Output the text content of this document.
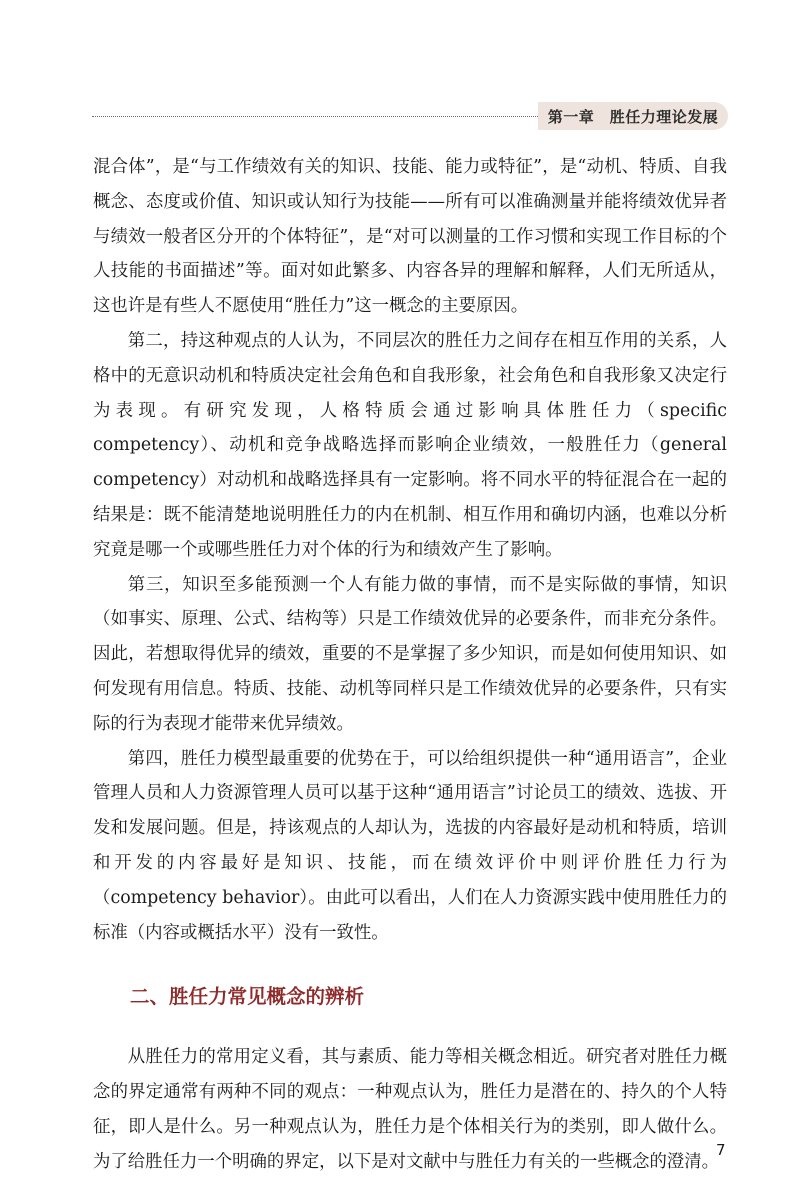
第一章　胜任力理论发展

混合体”，是“与工作绩效有关的知识、技能、能力或特征”，是“动机、特质、自我概念、态度或价值、知识或认知行为技能——所有可以准确测量并能将绩效优异者与绩效一般者区分开的个体特征”，是“对可以测量的工作习惯和实现工作目标的个人技能的书面描述”等。面对如此繁多、内容各异的理解和解释，人们无所适从，这也许是有些人不愿使用“胜任力”这一概念的主要原因。

第二，持这种观点的人认为，不同层次的胜任力之间存在相互作用的关系，人格中的无意识动机和特质决定社会角色和自我形象，社会角色和自我形象又决定行为表现。有研究发现，人格特质会通过影响具体胜任力（specific competency）、动机和竞争战略选择而影响企业绩效，一般胜任力（general competency）对动机和战略选择具有一定影响。将不同水平的特征混合在一起的结果是：既不能清楚地说明胜任力的内在机制、相互作用和确切内涵，也难以分析究竟是哪一个或哪些胜任力对个体的行为和绩效产生了影响。

第三，知识至多能预测一个人有能力做的事情，而不是实际做的事情，知识（如事实、原理、公式、结构等）只是工作绩效优异的必要条件，而非充分条件。因此，若想取得优异的绩效，重要的不是掌握了多少知识，而是如何使用知识、如何发现有用信息。特质、技能、动机等同样只是工作绩效优异的必要条件，只有实际的行为表现才能带来优异绩效。

第四，胜任力模型最重要的优势在于，可以给组织提供一种“通用语言”，企业管理人员和人力资源管理人员可以基于这种“通用语言”讨论员工的绩效、选拔、开发和发展问题。但是，持该观点的人却认为，选拔的内容最好是动机和特质，培训和开发的内容最好是知识、技能，而在绩效评价中则评价胜任力行为（competency behavior）。由此可以看出，人们在人力资源实践中使用胜任力的标准（内容或概括水平）没有一致性。

二、胜任力常见概念的辨析

从胜任力的常用定义看，其与素质、能力等相关概念相近。研究者对胜任力概念的界定通常有两种不同的观点：一种观点认为，胜任力是潜在的、持久的个人特征，即人是什么。另一种观点认为，胜任力是个体相关行为的类别，即人做什么。为了给胜任力一个明确的界定，以下是对文献中与胜任力有关的一些概念的澄清。

7
